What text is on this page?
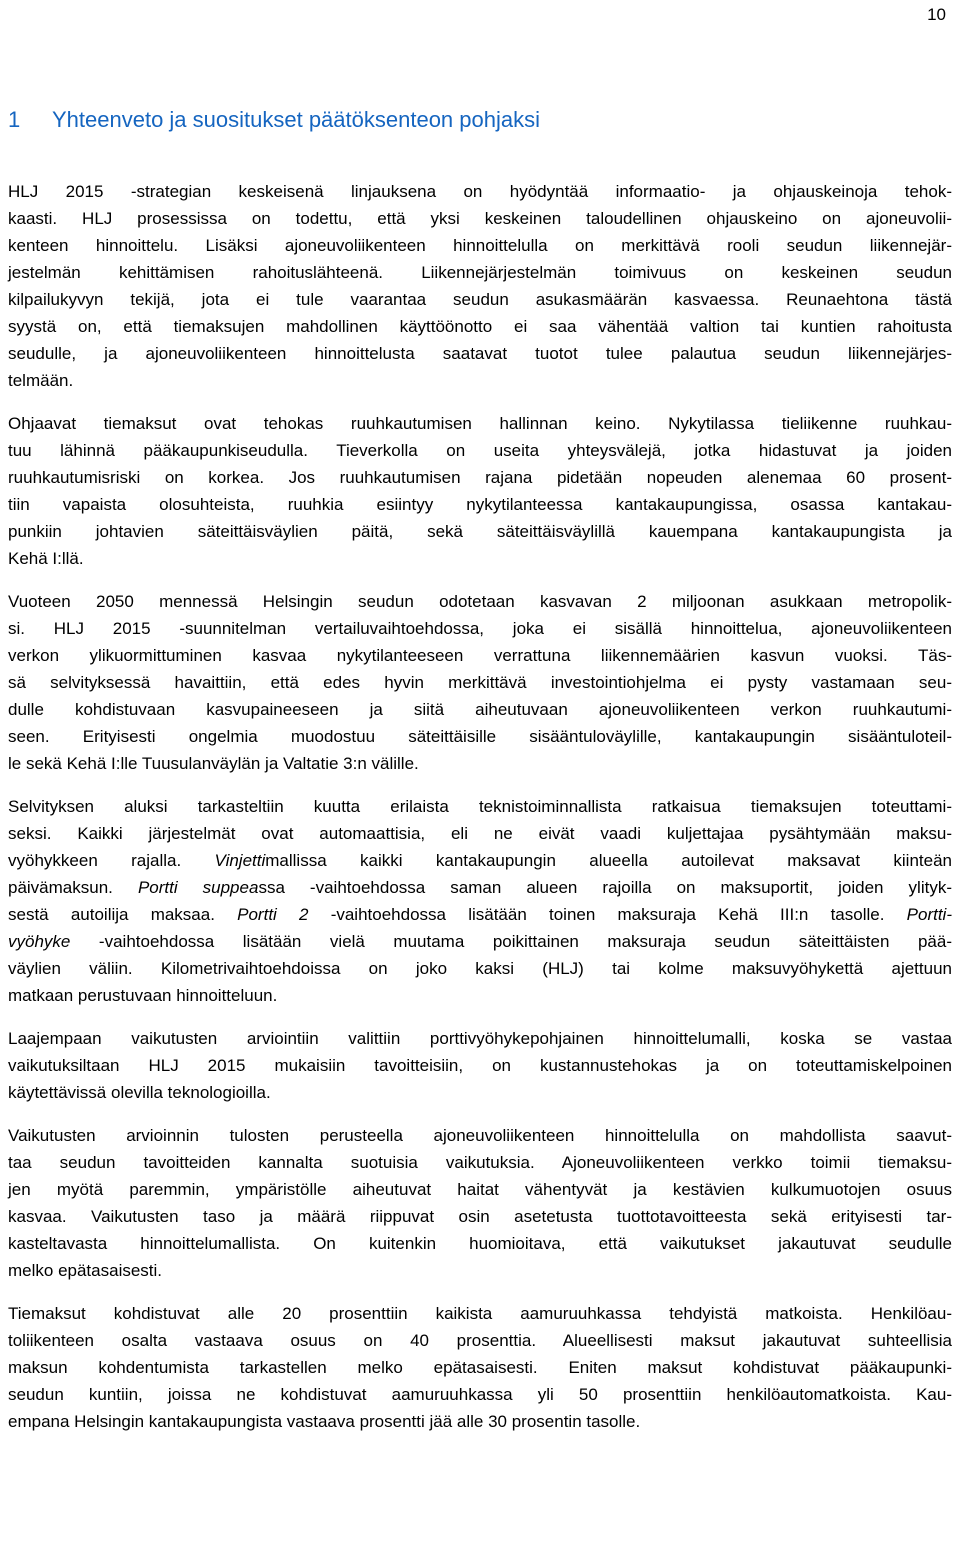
10
1 Yhteenveto ja suositukset päätöksenteon pohjaksi

HLJ 2015 -strategian keskeisenä linjauksena on hyödyntää informaatio- ja ohjauskeinoja tehok-
kaasti. HLJ prosessissa on todettu, että yksi keskeinen taloudellinen ohjauskeino on ajoneuvolii-
kenteen hinnoittelu. Lisäksi ajoneuvoliikenteen hinnoittelulla on merkittävä rooli seudun liikennejär-
jestelmän kehittämisen rahoituslähteenä. Liikennejärjestelmän toimivuus on keskeinen seudun
kilpailukyvyn tekijä, jota ei tule vaarantaa seudun asukasmäärän kasvaessa. Reunaehtona tästä
syystä on, että tiemaksujen mahdollinen käyttöönotto ei saa vähentää valtion tai kuntien rahoitusta
seudulle, ja ajoneuvoliikenteen hinnoittelusta saatavat tuotot tulee palautua seudun liikennejärjes-
telmään.

Ohjaavat tiemaksut ovat tehokas ruuhkautumisen hallinnan keino. Nykytilassa tieliikenne ruuhkau-
tuu lähinnä pääkaupunkiseudulla. Tieverkolla on useita yhteysvälejä, jotka hidastuvat ja joiden
ruuhkautumisriski on korkea. Jos ruuhkautumisen rajana pidetään nopeuden alenemaa 60 prosent-
tiin vapaista olosuhteista, ruuhkia esiintyy nykytilanteessa kantakaupungissa, osassa kantakau-
punkiin johtavien säteittäisväylien päitä, sekä säteittäisväylillä kauempana kantakaupungista ja
Kehä I:llä.

Vuoteen 2050 mennessä Helsingin seudun odotetaan kasvavan 2 miljoonan asukkaan metropolik-
si. HLJ 2015 -suunnitelman vertailuvaihtoehdossa, joka ei sisällä hinnoittelua, ajoneuvoliikenteen
verkon ylikuormittuminen kasvaa nykytilanteeseen verrattuna liikennemäärien kasvun vuoksi. Täs-
sä selvityksessä havaittiin, että edes hyvin merkittävä investointiohjelma ei pysty vastamaan seu-
dulle kohdistuvaan kasvupaineeseen ja siitä aiheutuvaan ajoneuvoliikenteen verkon ruuhkautumi-
seen. Erityisesti ongelmia muodostuu säteittäisille sisääntuloväylille, kantakaupungin sisääntuloteil-
le sekä Kehä I:lle Tuusulanväylän ja Valtatie 3:n välille.

Selvityksen aluksi tarkasteltiin kuutta erilaista teknistoiminnallista ratkaisua tiemaksujen toteuttami-
seksi. Kaikki järjestelmät ovat automaattisia, eli ne eivät vaadi kuljettajaa pysähtymään maksu-
vyöhykkeen rajalla. Vinjettimallissa kaikki kantakaupungin alueella autoilevat maksavat kiinteän
päivämaksun. Portti suppeassa -vaihtoehdossa saman alueen rajoilla on maksuportit, joiden ylityk-
sestä autoilija maksaa. Portti 2 -vaihtoehdossa lisätään toinen maksuraja Kehä III:n tasolle. Portti-
vyöhyke -vaihtoehdossa lisätään vielä muutama poikittainen maksuraja seudun säteittäisten pää-
väylien väliin. Kilometrivaihtoehdoissa on joko kaksi (HLJ) tai kolme maksuvyöhykettä ajettuun
matkaan perustuvaan hinnoitteluun.

Laajempaan vaikutusten arviointiin valittiin porttivyöhykepohjainen hinnoittelumalli, koska se vastaa
vaikutuksiltaan HLJ 2015 mukaisiin tavoitteisiin, on kustannustehokas ja on toteuttamiskelpoinen
käytettävissä olevilla teknologioilla.

Vaikutusten arvioinnin tulosten perusteella ajoneuvoliikenteen hinnoittelulla on mahdollista saavut-
taa seudun tavoitteiden kannalta suotuisia vaikutuksia. Ajoneuvoliikenteen verkko toimii tiemaksu-
jen myötä paremmin, ympäristölle aiheutuvat haitat vähentyvät ja kestävien kulkumuotojen osuus
kasvaa. Vaikutusten taso ja määrä riippuvat osin asetetusta tuottotavoitteesta sekä erityisesti tar-
kasteltavasta hinnoittelumallista. On kuitenkin huomioitava, että vaikutukset jakautuvat seudulle
melko epätasaisesti.

Tiemaksut kohdistuvat alle 20 prosenttiin kaikista aamuruuhkassa tehdyistä matkoista. Henkilöau-
toliikenteen osalta vastaava osuus on 40 prosenttia. Alueellisesti maksut jakautuvat suhteellisia
maksun kohdentumista tarkastellen melko epätasaisesti. Eniten maksut kohdistuvat pääkaupunki-
seudun kuntiin, joissa ne kohdistuvat aamuruuhkassa yli 50 prosenttiin henkilöautomatkoista. Kau-
empana Helsingin kantakaupungista vastaava prosentti jää alle 30 prosentin tasolle.
